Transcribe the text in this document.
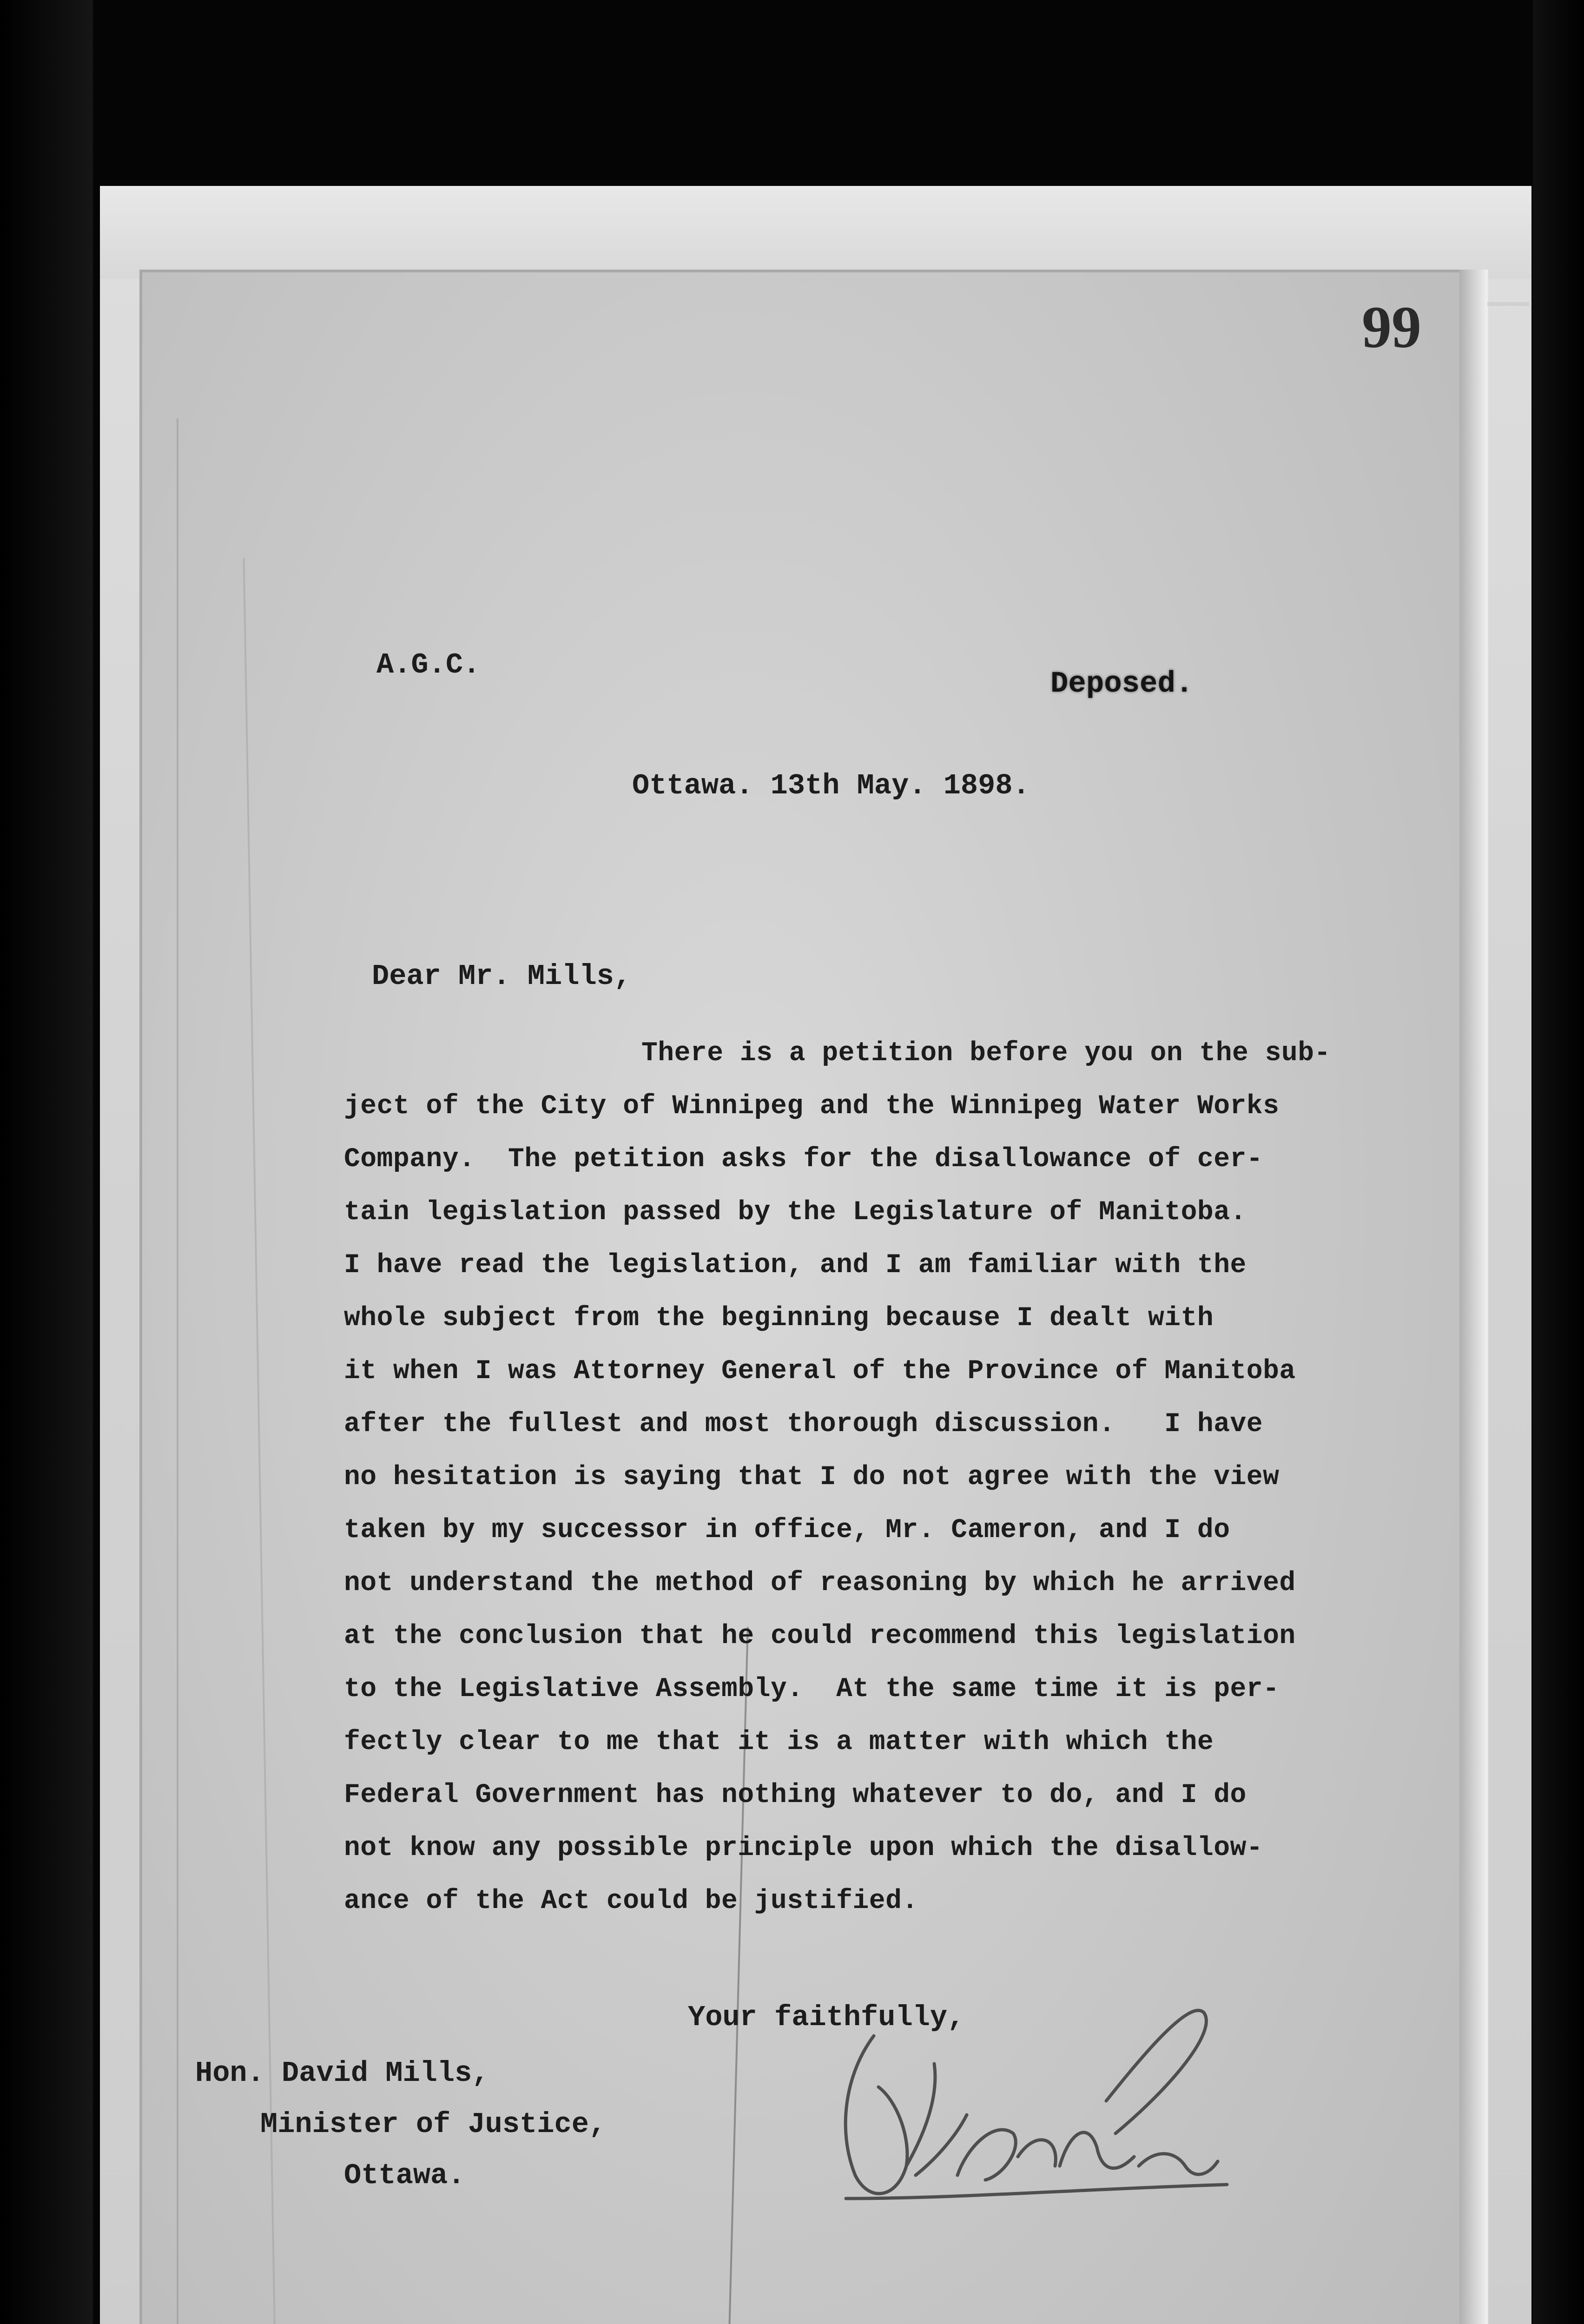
99
A.G.C.
Deposed.
Ottawa. 13th May. 1898.
Dear Mr. Mills,
There is a petition before you on the sub-
ject of the City of Winnipeg and the Winnipeg Water Works
Company.  The petition asks for the disallowance of cer-
tain legislation passed by the Legislature of Manitoba.
I have read the legislation, and I am familiar with the
whole subject from the beginning because I dealt with
it when I was Attorney General of the Province of Manitoba
after the fullest and most thorough discussion.   I have
no hesitation is saying that I do not agree with the view
taken by my successor in office, Mr. Cameron, and I do
not understand the method of reasoning by which he arrived
at the conclusion that he could recommend this legislation
to the Legislative Assembly.  At the same time it is per-
fectly clear to me that it is a matter with which the
Federal Government has nothing whatever to do, and I do
not know any possible principle upon which the disallow-
ance of the Act could be justified.
Your faithfully,
Hon. David Mills,
Minister of Justice,
Ottawa.
